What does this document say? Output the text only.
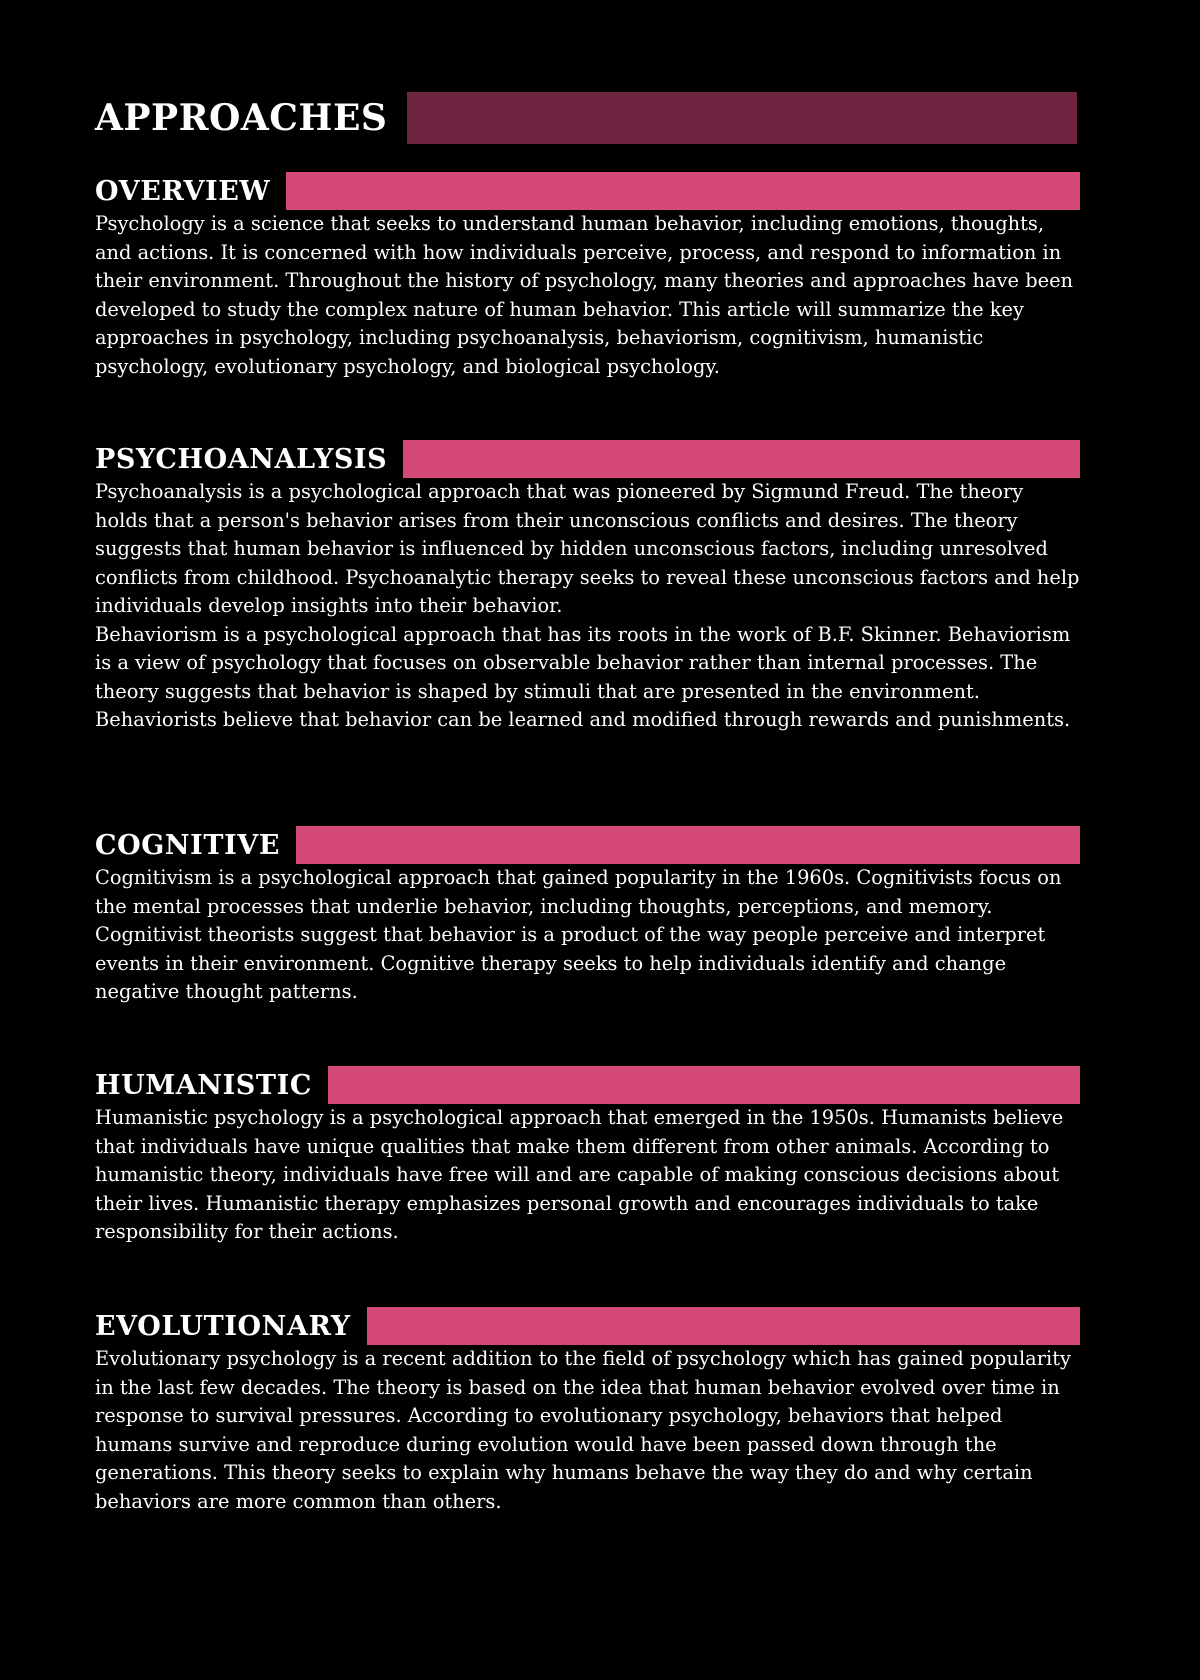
APPROACHES
OVERVIEW

Psychology is a science that seeks to understand human behavior, including emotions, thoughts, and actions. It is concerned with how individuals perceive, process, and respond to information in their environment. Throughout the history of psychology, many theories and approaches have been developed to study the complex nature of human behavior. This article will summarize the key approaches in psychology, including psychoanalysis, behaviorism, cognitivism, humanistic psychology, evolutionary psychology, and biological psychology.

PSYCHOANALYSIS

Psychoanalysis is a psychological approach that was pioneered by Sigmund Freud. The theory holds that a person's behavior arises from their unconscious conflicts and desires. The theory suggests that human behavior is influenced by hidden unconscious factors, including unresolved conflicts from childhood. Psychoanalytic therapy seeks to reveal these unconscious factors and help individuals develop insights into their behavior.

Behaviorism is a psychological approach that has its roots in the work of B.F. Skinner. Behaviorism is a view of psychology that focuses on observable behavior rather than internal processes. The theory suggests that behavior is shaped by stimuli that are presented in the environment. Behaviorists believe that behavior can be learned and modified through rewards and punishments.

COGNITIVE

Cognitivism is a psychological approach that gained popularity in the 1960s. Cognitivists focus on the mental processes that underlie behavior, including thoughts, perceptions, and memory. Cognitivist theorists suggest that behavior is a product of the way people perceive and interpret events in their environment. Cognitive therapy seeks to help individuals identify and change negative thought patterns.

HUMANISTIC

Humanistic psychology is a psychological approach that emerged in the 1950s. Humanists believe that individuals have unique qualities that make them different from other animals. According to humanistic theory, individuals have free will and are capable of making conscious decisions about their lives. Humanistic therapy emphasizes personal growth and encourages individuals to take responsibility for their actions.

EVOLUTIONARY

Evolutionary psychology is a recent addition to the field of psychology which has gained popularity in the last few decades. The theory is based on the idea that human behavior evolved over time in response to survival pressures. According to evolutionary psychology, behaviors that helped humans survive and reproduce during evolution would have been passed down through the generations. This theory seeks to explain why humans behave the way they do and why certain behaviors are more common than others.
